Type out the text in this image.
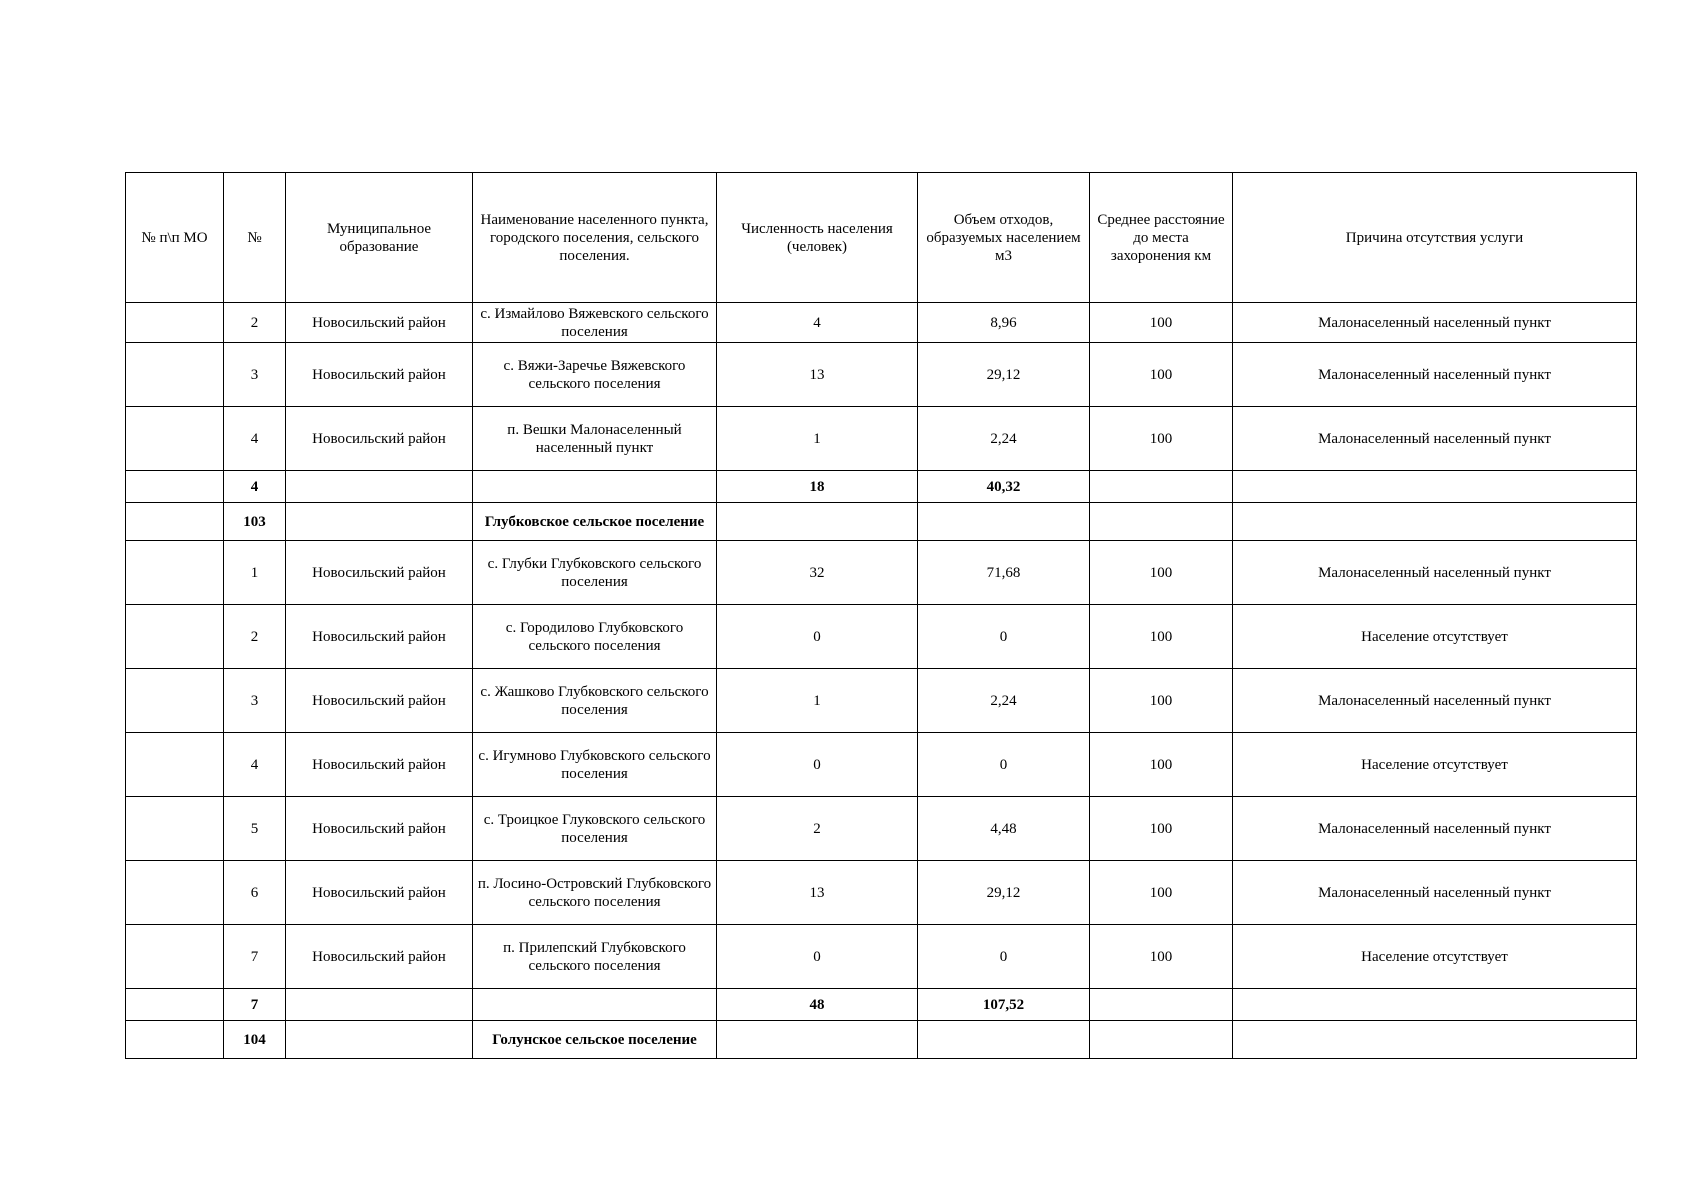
№ п\п МО	№	Муниципальное образование	Наименование населенного пункта, городского поселения, сельского поселения.	Численность населения (человек)	Объем отходов, образуемых населением м3	Среднее расстояние до места захоронения км	Причина отсутствия услуги
	2	Новосильский район	с. Измайлово Вяжевского сельского поселения	4	8,96	100	Малонаселенный населенный пункт
	3	Новосильский район	с. Вяжи-Заречье Вяжевского сельского поселения	13	29,12	100	Малонаселенный населенный пункт
	4	Новосильский район	п. Вешки Малонаселенный населенный пункт	1	2,24	100	Малонаселенный населенный пункт
	4			18	40,32		
	103		Глубковское сельское поселение				
	1	Новосильский район	с. Глубки Глубковского сельского поселения	32	71,68	100	Малонаселенный населенный пункт
	2	Новосильский район	с. Городилово Глубковского сельского поселения	0	0	100	Население отсутствует
	3	Новосильский район	с. Жашково Глубковского сельского поселения	1	2,24	100	Малонаселенный населенный пункт
	4	Новосильский район	с. Игумново Глубковского сельского поселения	0	0	100	Население отсутствует
	5	Новосильский район	с. Троицкое Глуковского сельского поселения	2	4,48	100	Малонаселенный населенный пункт
	6	Новосильский район	п. Лосино-Островский Глубковского сельского поселения	13	29,12	100	Малонаселенный населенный пункт
	7	Новосильский район	п. Прилепский Глубковского сельского поселения	0	0	100	Население отсутствует
	7			48	107,52		
	104		Голунское сельское поселение				
